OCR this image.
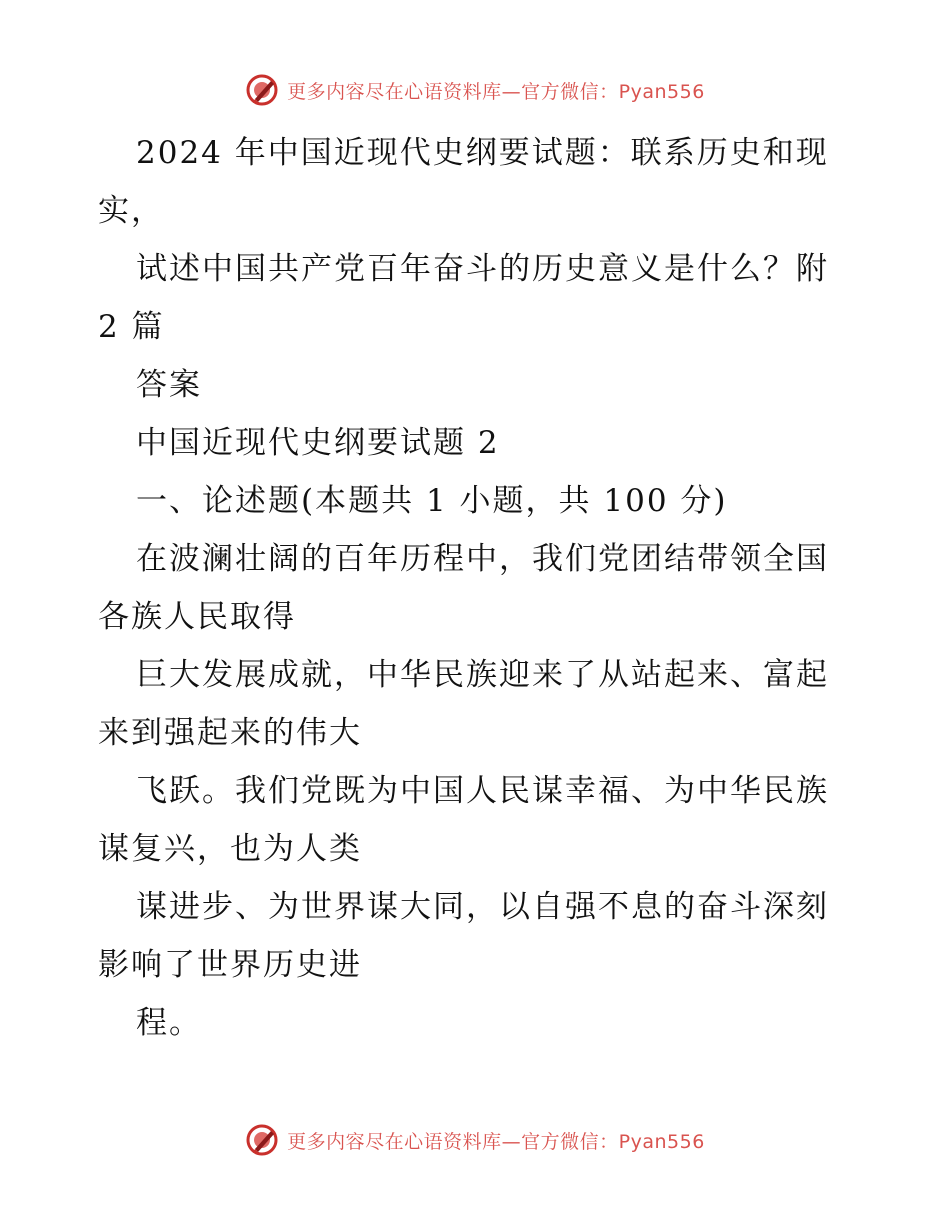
更多内容尽在心语资料库—官方微信：Pyan556

2024 年中国近现代史纲要试题：联系历史和现实，

试述中国共产党百年奋斗的历史意义是什么？附 2 篇

答案

中国近现代史纲要试题 2

一、论述题(本题共 1 小题，共 100 分)

在波澜壮阔的百年历程中，我们党团结带领全国各族人民取得

巨大发展成就，中华民族迎来了从站起来、富起来到强起来的伟大

飞跃。我们党既为中国人民谋幸福、为中华民族谋复兴，也为人类

谋进步、为世界谋大同，以自强不息的奋斗深刻影响了世界历史进

程。

更多内容尽在心语资料库—官方微信：Pyan556
